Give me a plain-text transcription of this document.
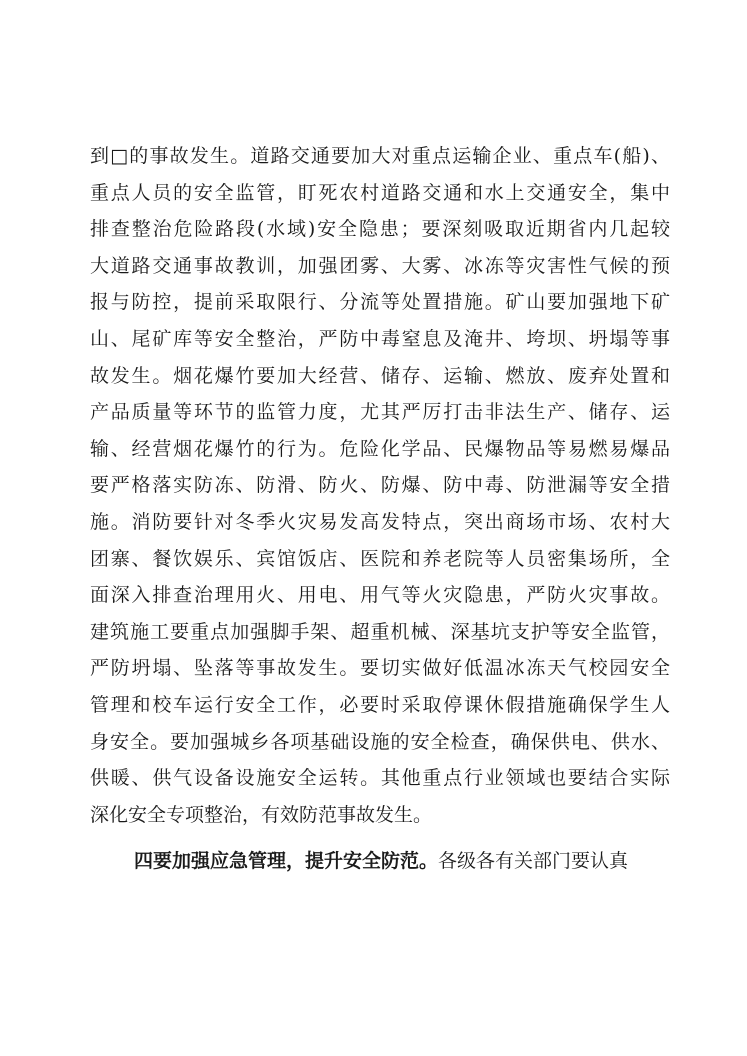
到□的事故发生。道路交通要加大对重点运输企业、重点车(船)、
重点人员的安全监管，盯死农村道路交通和水上交通安全，集中
排查整治危险路段(水域)安全隐患；要深刻吸取近期省内几起较
大道路交通事故教训，加强团雾、大雾、冰冻等灾害性气候的预
报与防控，提前采取限行、分流等处置措施。矿山要加强地下矿
山、尾矿库等安全整治，严防中毒窒息及淹井、垮坝、坍塌等事
故发生。烟花爆竹要加大经营、储存、运输、燃放、废弃处置和
产品质量等环节的监管力度，尤其严厉打击非法生产、储存、运
输、经营烟花爆竹的行为。危险化学品、民爆物品等易燃易爆品
要严格落实防冻、防滑、防火、防爆、防中毒、防泄漏等安全措
施。消防要针对冬季火灾易发高发特点，突出商场市场、农村大
团寨、餐饮娱乐、宾馆饭店、医院和养老院等人员密集场所，全
面深入排查治理用火、用电、用气等火灾隐患，严防火灾事故。
建筑施工要重点加强脚手架、超重机械、深基坑支护等安全监管，
严防坍塌、坠落等事故发生。要切实做好低温冰冻天气校园安全
管理和校车运行安全工作，必要时采取停课休假措施确保学生人
身安全。要加强城乡各项基础设施的安全检查，确保供电、供水、
供暖、供气设备设施安全运转。其他重点行业领域也要结合实际
深化安全专项整治，有效防范事故发生。
四要加强应急管理，提升安全防范。各级各有关部门要认真
